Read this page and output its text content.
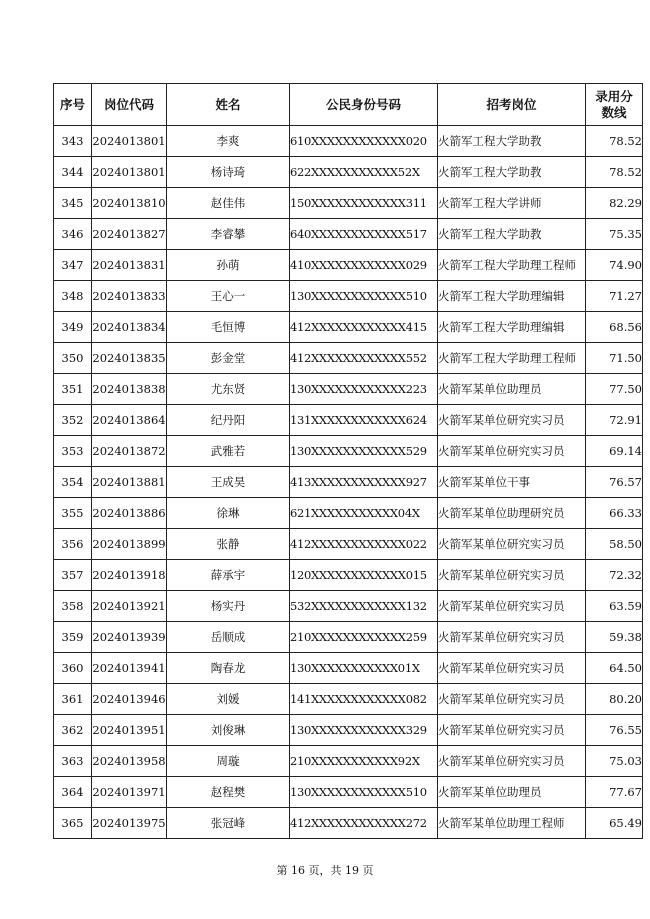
序号	岗位代码	姓名	公民身份号码	招考岗位	录用分数线
343	2024013801	李爽	610XXXXXXXXXXXX020	火箭军工程大学助教	78.52
344	2024013801	杨诗琦	622XXXXXXXXXXX52X	火箭军工程大学助教	78.52
345	2024013810	赵佳伟	150XXXXXXXXXXXX311	火箭军工程大学讲师	82.29
346	2024013827	李睿攀	640XXXXXXXXXXXX517	火箭军工程大学助教	75.35
347	2024013831	孙萌	410XXXXXXXXXXXX029	火箭军工程大学助理工程师	74.90
348	2024013833	王心一	130XXXXXXXXXXXX510	火箭军工程大学助理编辑	71.27
349	2024013834	毛恒博	412XXXXXXXXXXXX415	火箭军工程大学助理编辑	68.56
350	2024013835	彭金堂	412XXXXXXXXXXXX552	火箭军工程大学助理工程师	71.50
351	2024013838	尤东贤	130XXXXXXXXXXXX223	火箭军某单位助理员	77.50
352	2024013864	纪丹阳	131XXXXXXXXXXXX624	火箭军某单位研究实习员	72.91
353	2024013872	武雅若	130XXXXXXXXXXXX529	火箭军某单位研究实习员	69.14
354	2024013881	王成昊	413XXXXXXXXXXXX927	火箭军某单位干事	76.57
355	2024013886	徐琳	621XXXXXXXXXXX04X	火箭军某单位助理研究员	66.33
356	2024013899	张静	412XXXXXXXXXXXX022	火箭军某单位研究实习员	58.50
357	2024013918	薛承宇	120XXXXXXXXXXXX015	火箭军某单位研究实习员	72.32
358	2024013921	杨实丹	532XXXXXXXXXXXX132	火箭军某单位研究实习员	63.59
359	2024013939	岳顺成	210XXXXXXXXXXXX259	火箭军某单位研究实习员	59.38
360	2024013941	陶春龙	130XXXXXXXXXXX01X	火箭军某单位研究实习员	64.50
361	2024013946	刘媛	141XXXXXXXXXXXX082	火箭军某单位研究实习员	80.20
362	2024013951	刘俊琳	130XXXXXXXXXXXX329	火箭军某单位研究实习员	76.55
363	2024013958	周璇	210XXXXXXXXXXX92X	火箭军某单位研究实习员	75.03
364	2024013971	赵程樊	130XXXXXXXXXXXX510	火箭军某单位助理员	77.67
365	2024013975	张冠峰	412XXXXXXXXXXXX272	火箭军某单位助理工程师	65.49
第 16 页，共 19 页
